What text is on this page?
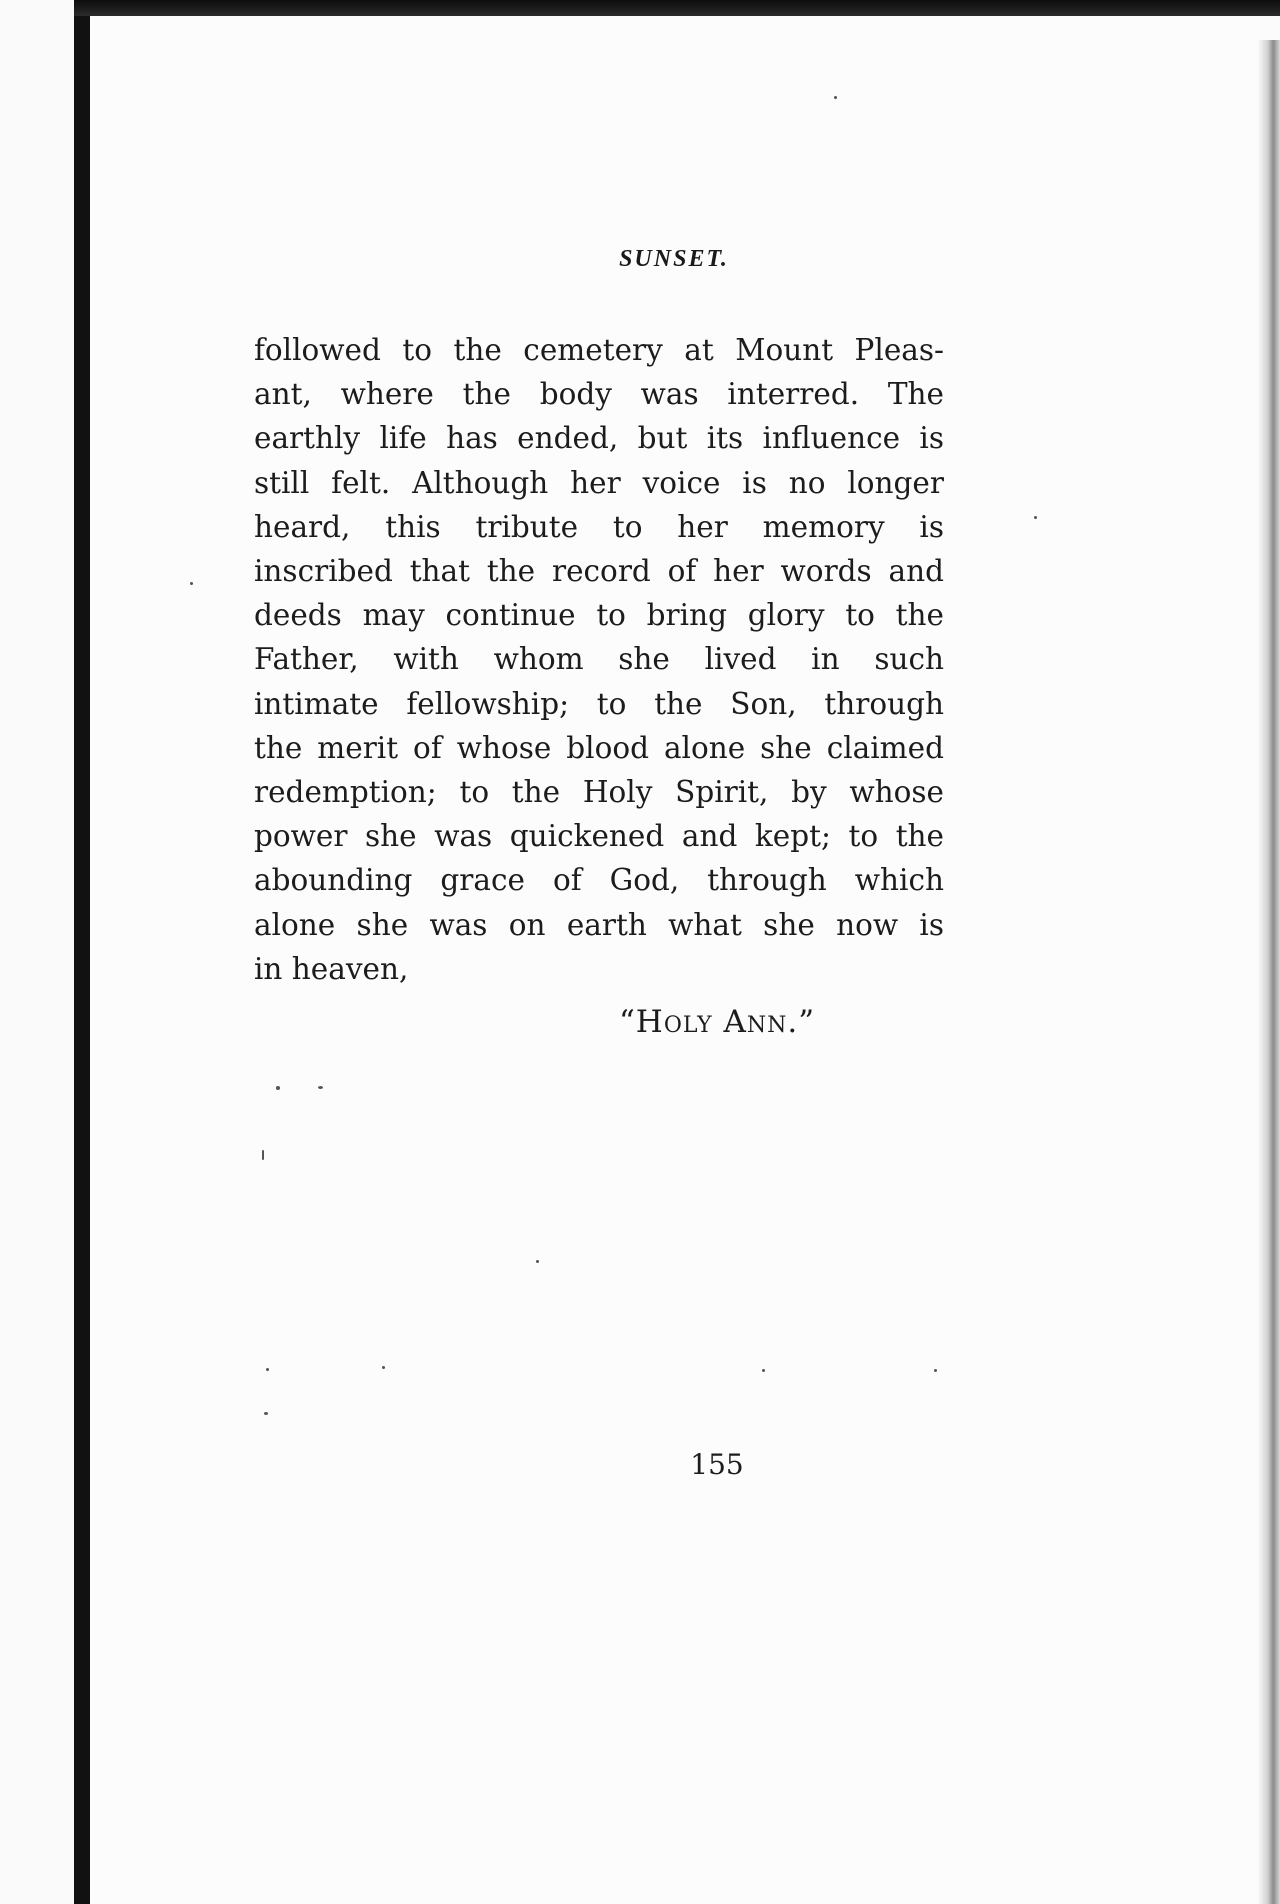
SUNSET.
followed to the cemetery at Mount Pleas-
ant, where the body was interred. The
earthly life has ended, but its influence is
still felt. Although her voice is no longer
heard, this tribute to her memory is
inscribed that the record of her words and
deeds may continue to bring glory to the
Father, with whom she lived in such
intimate fellowship; to the Son, through
the merit of whose blood alone she claimed
redemption; to the Holy Spirit, by whose
power she was quickened and kept; to the
abounding grace of God, through which
alone she was on earth what she now is
in heaven,
“Holy Ann.”
155
